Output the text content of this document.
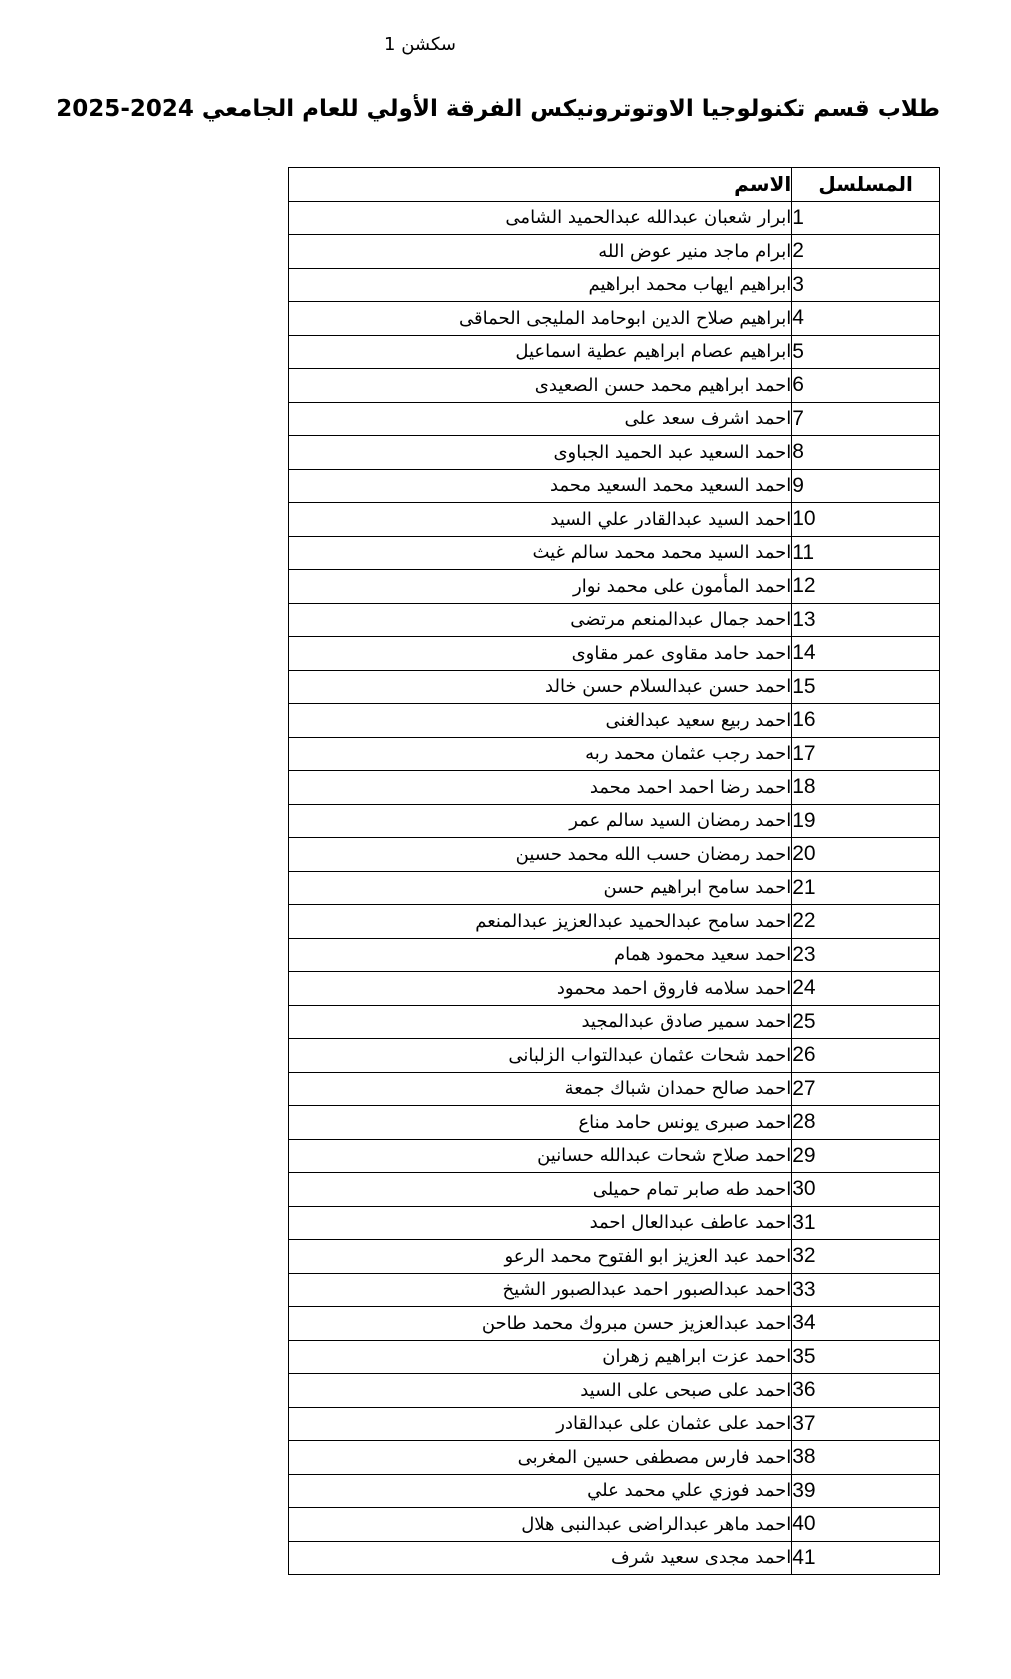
سكشن 1
طلاب قسم تكنولوجيا الاوتوترونيكس الفرقة الأولي للعام الجامعي 2024-2025
المسلسل	الاسم
1	ابرار شعبان عبدالله عبدالحميد الشامى
2	ابرام ماجد منير عوض الله
3	ابراهيم ايهاب محمد ابراهيم
4	ابراهيم صلاح الدين ابوحامد المليجى الحماقى
5	ابراهيم عصام ابراهيم عطية اسماعيل
6	احمد ابراهيم محمد حسن الصعيدى
7	احمد اشرف سعد على
8	احمد السعيد عبد الحميد الجباوى
9	احمد السعيد محمد السعيد محمد
10	احمد السيد عبدالقادر علي السيد
11	احمد السيد محمد محمد سالم غيث
12	احمد المأمون على محمد نوار
13	احمد جمال عبدالمنعم مرتضى
14	احمد حامد مقاوى عمر مقاوى
15	احمد حسن عبدالسلام حسن خالد
16	احمد ربيع سعيد عبدالغنى
17	احمد رجب عثمان محمد ربه
18	احمد رضا احمد احمد محمد
19	احمد رمضان السيد سالم عمر
20	احمد رمضان حسب الله محمد حسين
21	احمد سامح ابراهيم حسن
22	احمد سامح عبدالحميد عبدالعزيز عبدالمنعم
23	احمد سعيد محمود همام
24	احمد سلامه فاروق احمد محمود
25	احمد سمير صادق عبدالمجيد
26	احمد شحات عثمان عبدالتواب الزلبانى
27	احمد صالح حمدان شباك جمعة
28	احمد صبرى يونس حامد مناع
29	احمد صلاح شحات عبدالله حسانين
30	احمد طه صابر تمام حميلى
31	احمد عاطف عبدالعال احمد
32	احمد عبد العزيز ابو الفتوح محمد الرعو
33	احمد عبدالصبور احمد عبدالصبور الشيخ
34	احمد عبدالعزيز حسن مبروك محمد طاحن
35	احمد عزت ابراهيم زهران
36	احمد على صبحى على السيد
37	احمد على عثمان على عبدالقادر
38	احمد فارس مصطفى حسين المغربى
39	احمد فوزي علي محمد علي
40	احمد ماهر عبدالراضى عبدالنبى هلال
41	احمد مجدى سعيد شرف
